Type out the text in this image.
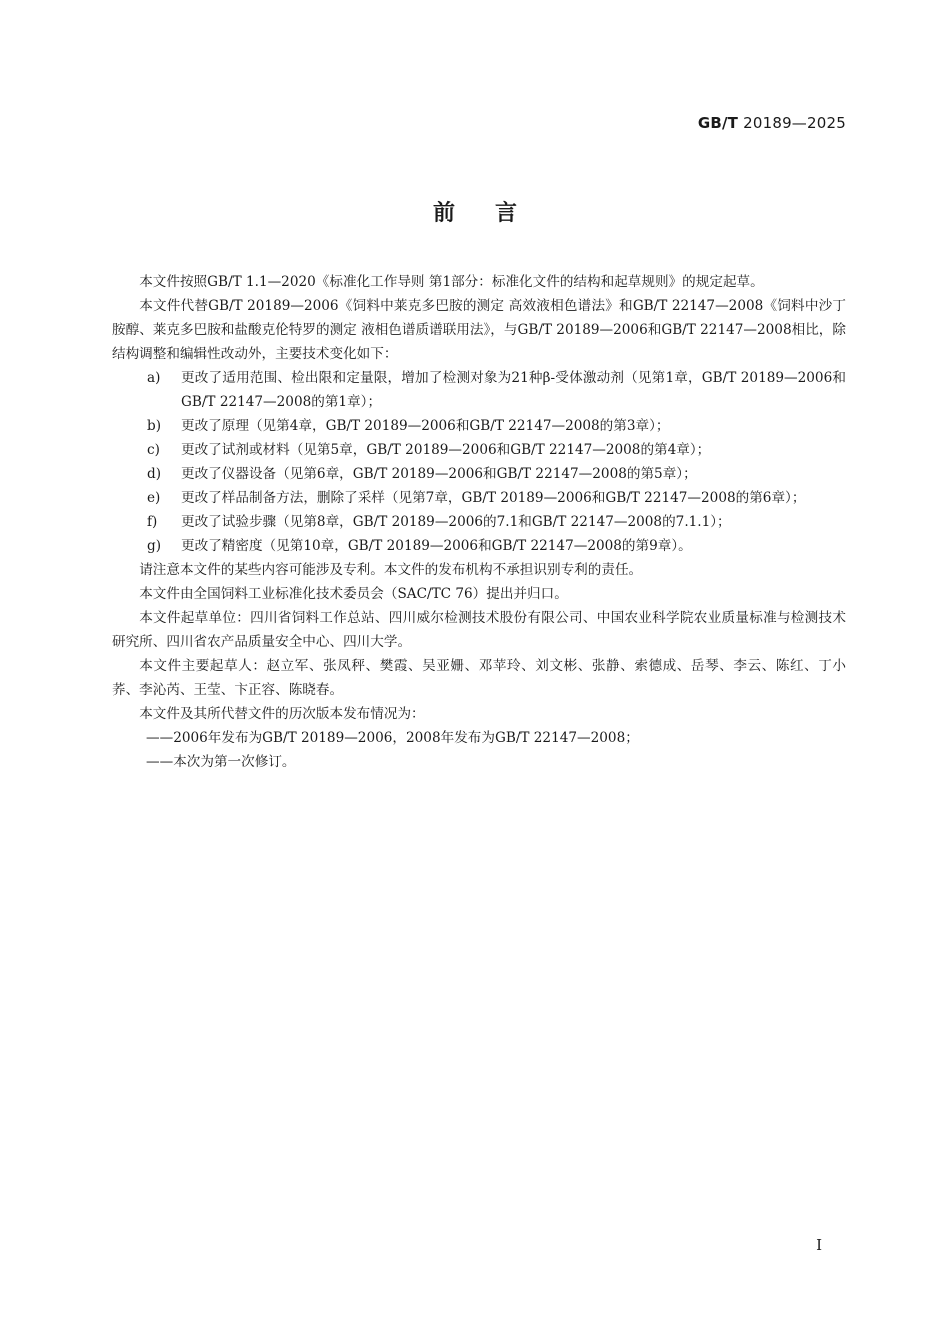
GB/T 20189—2025
前言

本文件按照GB/T 1.1—2020《标准化工作导则 第1部分：标准化文件的结构和起草规则》的规定起草。

本文件代替GB/T 20189—2006《饲料中莱克多巴胺的测定 高效液相色谱法》和GB/T 22147—2008《饲料中沙丁胺醇、莱克多巴胺和盐酸克伦特罗的测定 液相色谱质谱联用法》，与GB/T 20189—2006和GB/T 22147—2008相比，除结构调整和编辑性改动外，主要技术变化如下：

a) 更改了适用范围、检出限和定量限，增加了检测对象为21种β-受体激动剂（见第1章，GB/T 20189—2006和GB/T 22147—2008的第1章）；
b) 更改了原理（见第4章，GB/T 20189—2006和GB/T 22147—2008的第3章）；
c) 更改了试剂或材料（见第5章，GB/T 20189—2006和GB/T 22147—2008的第4章）；
d) 更改了仪器设备（见第6章，GB/T 20189—2006和GB/T 22147—2008的第5章）；
e) 更改了样品制备方法，删除了采样（见第7章，GB/T 20189—2006和GB/T 22147—2008的第6章）；
f) 更改了试验步骤（见第8章，GB/T 20189—2006的7.1和GB/T 22147—2008的7.1.1）；
g) 更改了精密度（见第10章，GB/T 20189—2006和GB/T 22147—2008的第9章）。

请注意本文件的某些内容可能涉及专利。本文件的发布机构不承担识别专利的责任。

本文件由全国饲料工业标准化技术委员会（SAC/TC 76）提出并归口。

本文件起草单位：四川省饲料工作总站、四川威尔检测技术股份有限公司、中国农业科学院农业质量标准与检测技术研究所、四川省农产品质量安全中心、四川大学。

本文件主要起草人：赵立军、张凤秤、樊霞、吴亚姗、邓苹玲、刘文彬、张静、索德成、岳琴、李云、陈红、丁小荞、李沁芮、王莹、卞正容、陈晓春。

本文件及其所代替文件的历次版本发布情况为：

——2006年发布为GB/T 20189—2006，2008年发布为GB/T 22147—2008；

——本次为第一次修订。

I
